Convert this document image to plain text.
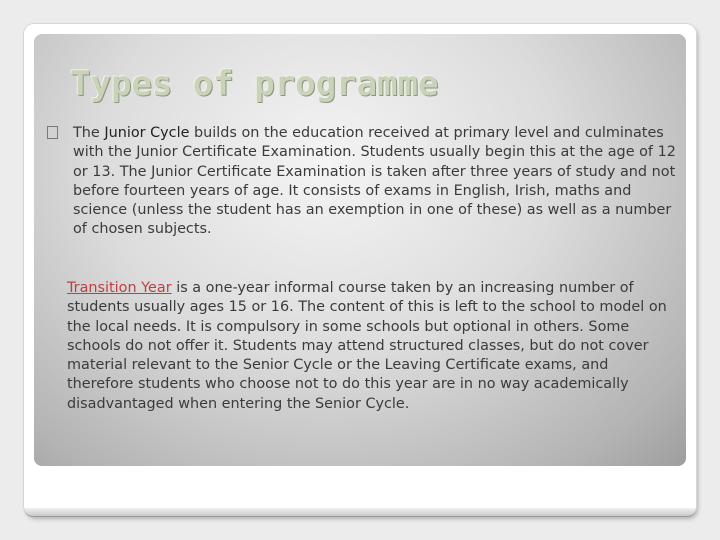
Types of programme

The Junior Cycle builds on the education received at primary level and culminates with the Junior Certificate Examination. Students usually begin this at the age of 12 or 13. The Junior Certificate Examination is taken after three years of study and not before fourteen years of age. It consists of exams in English, Irish, maths and science (unless the student has an exemption in one of these) as well as a number of chosen subjects.

Transition Year is a one-year informal course taken by an increasing number of students usually ages 15 or 16. The content of this is left to the school to model on the local needs. It is compulsory in some schools but optional in others. Some schools do not offer it. Students may attend structured classes, but do not cover material relevant to the Senior Cycle or the Leaving Certificate exams, and therefore students who choose not to do this year are in no way academically disadvantaged when entering the Senior Cycle.
